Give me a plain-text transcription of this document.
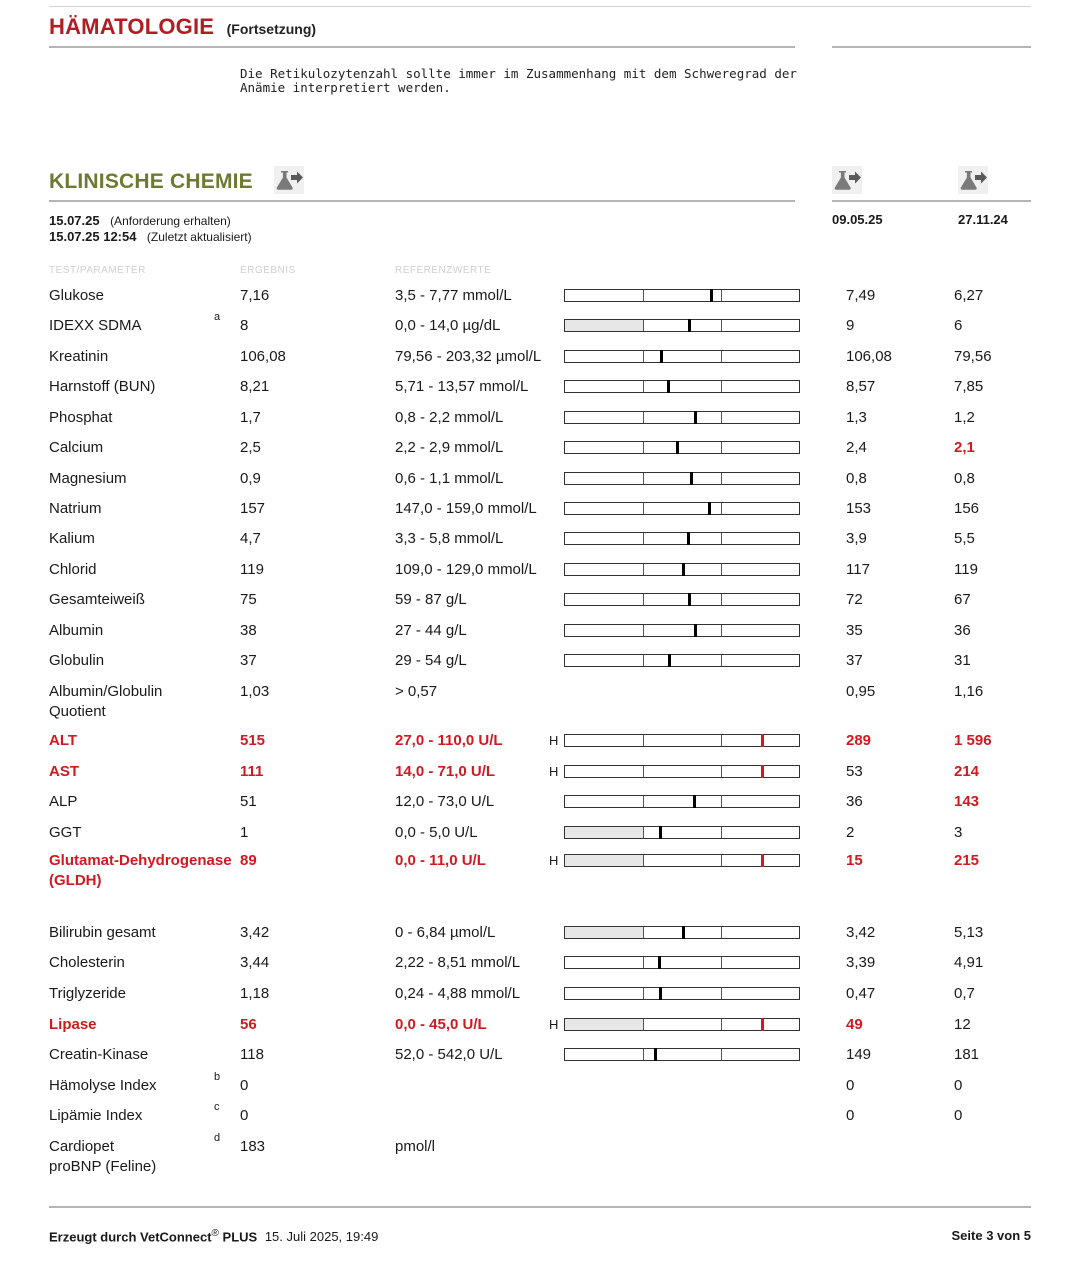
HÄMATOLOGIE (Fortsetzung)
Die Retikulozytenzahl sollte immer im Zusammenhang mit dem Schweregrad der
Anämie interpretiert werden.
KLINISCHE CHEMIE
15.07.25 (Anforderung erhalten)
15.07.25 12:54 (Zuletzt aktualisiert)
09.05.25	27.11.24
TEST/PARAMETER	ERGEBNIS	REFERENZWERTE
Glukose	7,16	3,5 - 7,77 mmol/L	7,49	6,27
IDEXX SDMA	a 8	0,0 - 14,0 µg/dL	9	6
Kreatinin	106,08	79,56 - 203,32 µmol/L	106,08	79,56
Harnstoff (BUN)	8,21	5,71 - 13,57 mmol/L	8,57	7,85
Phosphat	1,7	0,8 - 2,2 mmol/L	1,3	1,2
Calcium	2,5	2,2 - 2,9 mmol/L	2,4	2,1
Magnesium	0,9	0,6 - 1,1 mmol/L	0,8	0,8
Natrium	157	147,0 - 159,0 mmol/L	153	156
Kalium	4,7	3,3 - 5,8 mmol/L	3,9	5,5
Chlorid	119	109,0 - 129,0 mmol/L	117	119
Gesamteiweiß	75	59 - 87 g/L	72	67
Albumin	38	27 - 44 g/L	35	36
Globulin	37	29 - 54 g/L	37	31
Albumin/Globulin
Quotient
1,03	> 0,57	0,95	1,16
ALT	515	27,0 - 110,0 U/L	H	289	1 596
AST	111	14,0 - 71,0 U/L	H	53	214
ALP	51	12,0 - 73,0 U/L	36	143
GGT	1	0,0 - 5,0 U/L	2	3
Glutamat-Dehydrogenase
(GLDH)
89	0,0 - 11,0 U/L	H	15	215
Bilirubin gesamt	3,42	0 - 6,84 µmol/L	3,42	5,13
Cholesterin	3,44	2,22 - 8,51 mmol/L	3,39	4,91
Triglyzeride	1,18	0,24 - 4,88 mmol/L	0,47	0,7
Lipase	56	0,0 - 45,0 U/L	H	49	12
Creatin-Kinase	118	52,0 - 542,0 U/L	149	181
Hämolyse Index	b 0	0	0
Lipämie Index	c 0	0	0
Cardiopet
proBNP (Feline)
d 183	pmol/l
Erzeugt durch VetConnect® PLUS 15. Juli 2025, 19:49	Seite 3 von 5
